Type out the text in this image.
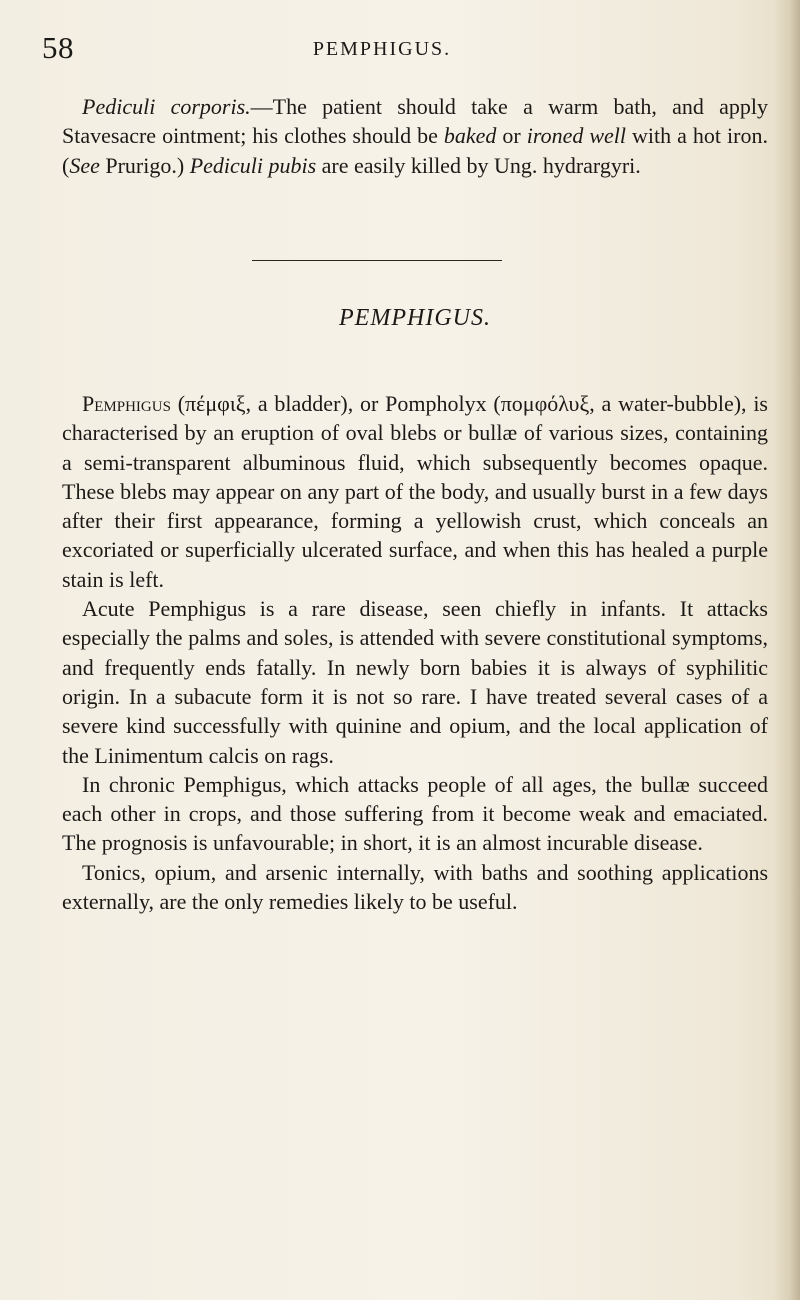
58	PEMPHIGUS.

Pediculi corporis.—The patient should take a warm bath, and apply Stavesacre ointment; his clothes should be baked or ironed well with a hot iron. (See Prurigo.) Pediculi pubis are easily killed by Ung. hydrargyri.

PEMPHIGUS.

Pemphigus (πέμφιξ, a bladder), or Pompholyx (πομφόλυξ, a water-bubble), is characterised by an eruption of oval blebs or bullæ of various sizes, containing a semi-transparent albuminous fluid, which subsequently becomes opaque. These blebs may appear on any part of the body, and usually burst in a few days after their first appearance, forming a yellowish crust, which conceals an excoriated or superficially ulcerated surface, and when this has healed a purple stain is left.

Acute Pemphigus is a rare disease, seen chiefly in infants. It attacks especially the palms and soles, is attended with severe constitutional symptoms, and frequently ends fatally. In newly born babies it is always of syphilitic origin. In a subacute form it is not so rare. I have treated several cases of a severe kind successfully with quinine and opium, and the local application of the Linimentum calcis on rags.

In chronic Pemphigus, which attacks people of all ages, the bullæ succeed each other in crops, and those suffering from it become weak and emaciated. The prognosis is unfavourable; in short, it is an almost incurable disease.

Tonics, opium, and arsenic internally, with baths and soothing applications externally, are the only remedies likely to be useful.
